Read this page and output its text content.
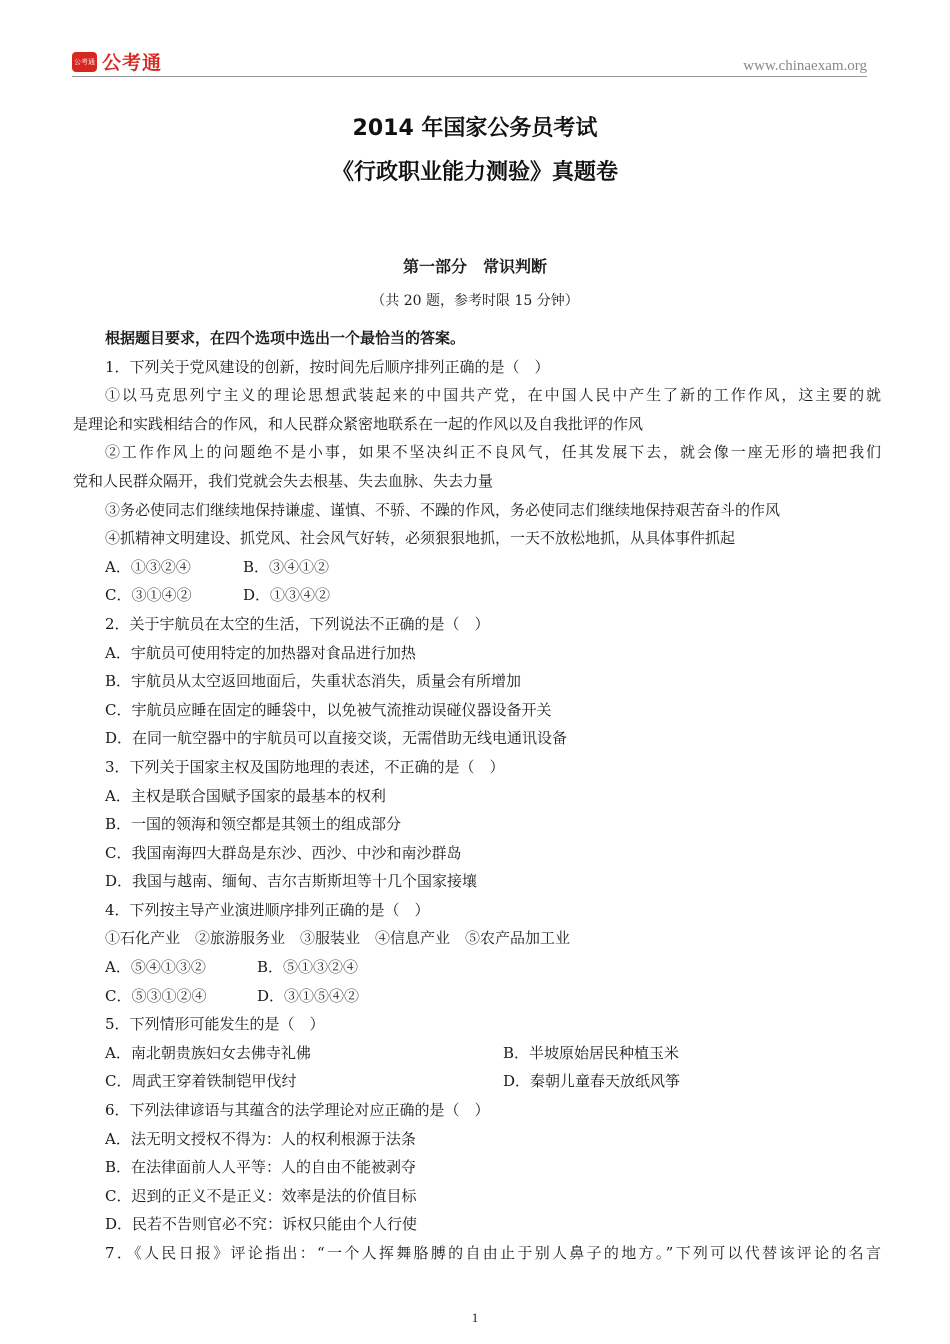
公考通 公考通	www.chinaexam.org
2014 年国家公务员考试
《行政职业能力测验》真题卷
第一部分　常识判断
（共 20 题，参考时限 15 分钟）
根据题目要求，在四个选项中选出一个最恰当的答案。
1．下列关于党风建设的创新，按时间先后顺序排列正确的是（　）
①以马克思列宁主义的理论思想武装起来的中国共产党，在中国人民中产生了新的工作作风，这主要的就
是理论和实践相结合的作风，和人民群众紧密地联系在一起的作风以及自我批评的作风
②工作作风上的问题绝不是小事，如果不坚决纠正不良风气，任其发展下去，就会像一座无形的墙把我们
党和人民群众隔开，我们党就会失去根基、失去血脉、失去力量
③务必使同志们继续地保持谦虚、谨慎、不骄、不躁的作风，务必使同志们继续地保持艰苦奋斗的作风
④抓精神文明建设、抓党风、社会风气好转，必须狠狠地抓，一天不放松地抓，从具体事件抓起
A．①③②④	B．③④①②
C．③①④②	D．①③④②
2．关于宇航员在太空的生活，下列说法不正确的是（　）
A．宇航员可使用特定的加热器对食品进行加热
B．宇航员从太空返回地面后，失重状态消失，质量会有所增加
C．宇航员应睡在固定的睡袋中，以免被气流推动误碰仪器设备开关
D．在同一航空器中的宇航员可以直接交谈，无需借助无线电通讯设备
3．下列关于国家主权及国防地理的表述，不正确的是（　）
A．主权是联合国赋予国家的最基本的权利
B．一国的领海和领空都是其领土的组成部分
C．我国南海四大群岛是东沙、西沙、中沙和南沙群岛
D．我国与越南、缅甸、吉尔吉斯斯坦等十几个国家接壤
4．下列按主导产业演进顺序排列正确的是（　）
①石化产业　②旅游服务业　③服装业　④信息产业　⑤农产品加工业
A．⑤④①③②	B．⑤①③②④
C．⑤③①②④	D．③①⑤④②
5．下列情形可能发生的是（　）
A．南北朝贵族妇女去佛寺礼佛	B．半坡原始居民种植玉米
C．周武王穿着铁制铠甲伐纣	D．秦朝儿童春天放纸风筝
6．下列法律谚语与其蕴含的法学理论对应正确的是（　）
A．法无明文授权不得为：人的权利根源于法条
B．在法律面前人人平等：人的自由不能被剥夺
C．迟到的正义不是正义：效率是法的价值目标
D．民若不告则官必不究：诉权只能由个人行使
7．《人民日报》评论指出：“一个人挥舞胳膊的自由止于别人鼻子的地方。”下列可以代替该评论的名言
1
